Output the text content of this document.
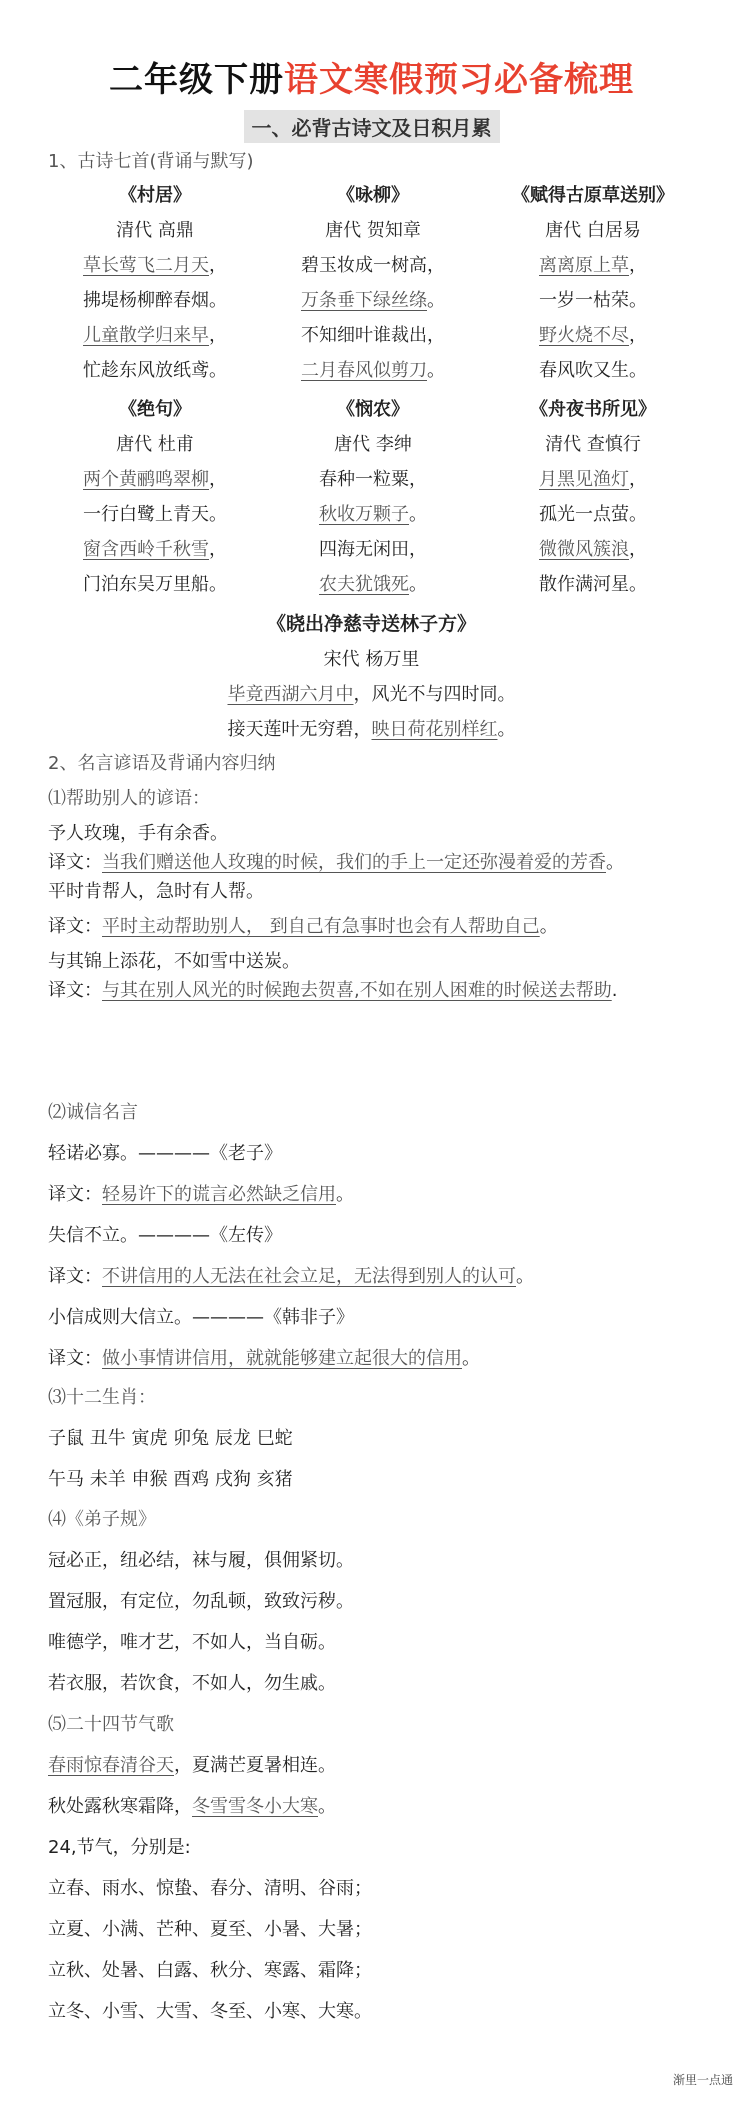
二年级下册语文寒假预习必备梳理
一、必背古诗文及日积月累
1、古诗七首(背诵与默写)
《村居》
清代 高鼎
草长莺飞二月天，
拂堤杨柳醉春烟。
儿童散学归来早，
忙趁东风放纸鸢。
《咏柳》
唐代 贺知章
碧玉妆成一树高，
万条垂下绿丝绦。
不知细叶谁裁出，
二月春风似剪刀。
《赋得古原草送别》
唐代 白居易
离离原上草，
一岁一枯荣。
野火烧不尽，
春风吹又生。
《绝句》
唐代 杜甫
两个黄鹂鸣翠柳，
一行白鹭上青天。
窗含西岭千秋雪，
门泊东吴万里船。
《悯农》
唐代 李绅
春种一粒粟，
秋收万颗子。
四海无闲田，
农夫犹饿死。
《舟夜书所见》
清代 查慎行
月黑见渔灯，
孤光一点萤。
微微风簇浪，
散作满河星。
《晓出净慈寺送林子方》
宋代 杨万里
毕竟西湖六月中，风光不与四时同。
接天莲叶无穷碧，映日荷花别样红。
2、名言谚语及背诵内容归纳
⑴帮助别人的谚语：
予人玫瑰，手有余香。
译文：当我们赠送他人玫瑰的时候，我们的手上一定还弥漫着爱的芳香。
平时肯帮人，急时有人帮。
译文：平时主动帮助别人， 到自己有急事时也会有人帮助自己。
与其锦上添花，不如雪中送炭。
译文：与其在别人风光的时候跑去贺喜,不如在别人困难的时候送去帮助.
⑵诚信名言
轻诺必寡。————《老子》
译文：轻易许下的谎言必然缺乏信用。
失信不立。————《左传》
译文：不讲信用的人无法在社会立足，无法得到别人的认可。
小信成则大信立。————《韩非子》
译文：做小事情讲信用，就就能够建立起很大的信用。
⑶十二生肖：
子鼠 丑牛 寅虎 卯兔 辰龙 巳蛇
午马 未羊 申猴 酉鸡 戌狗 亥猪
⑷《弟子规》
冠必正，纽必结，袜与履，俱佣紧切。
置冠服，有定位，勿乱顿，致致污秽。
唯德学，唯才艺，不如人，当自砺。
若衣服，若饮食，不如人，勿生戚。
⑸二十四节气歌
春雨惊春清谷天，夏满芒夏暑相连。
秋处露秋寒霜降，冬雪雪冬小大寒。
24,节气，分别是:
立春、雨水、惊蛰、春分、清明、谷雨；
立夏、小满、芒种、夏至、小暑、大暑；
立秋、处暑、白露、秋分、寒露、霜降；
立冬、小雪、大雪、冬至、小寒、大寒。
渐里一点通
